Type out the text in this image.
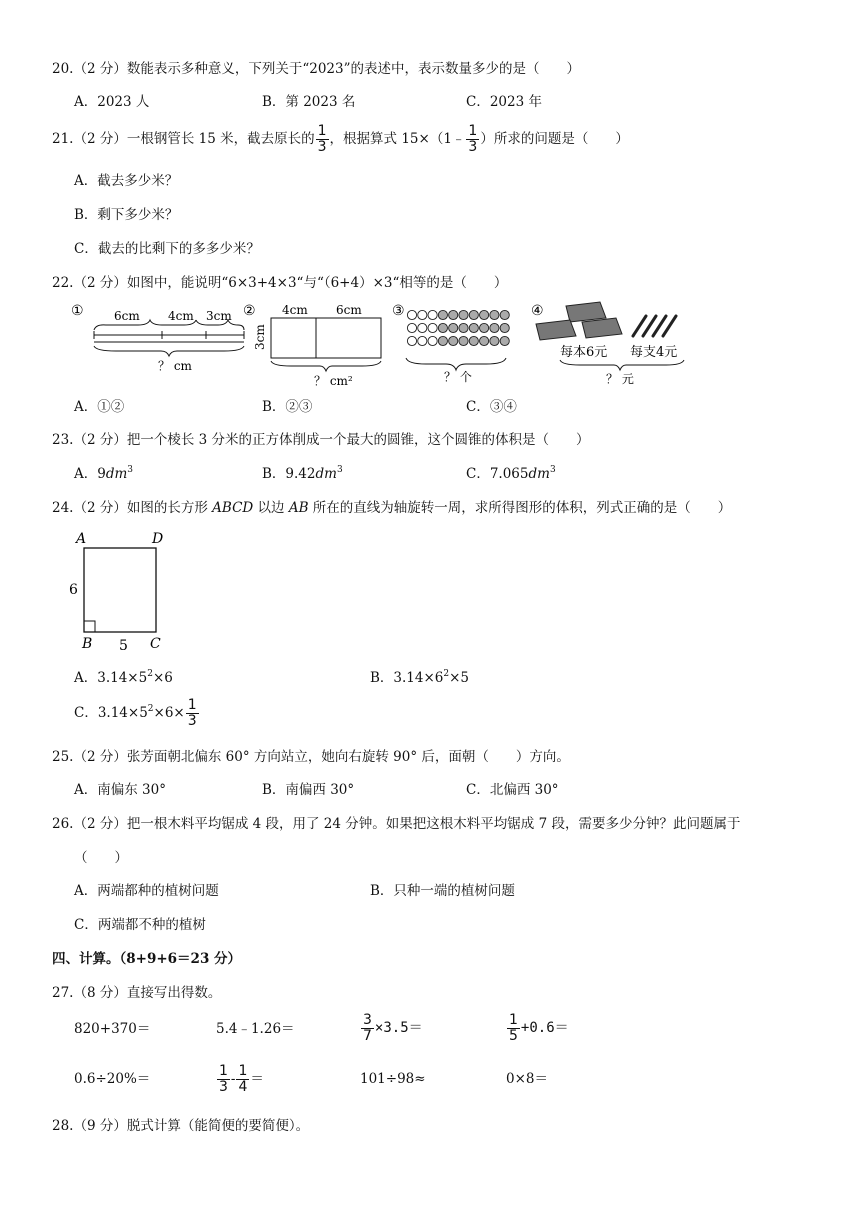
20.（2 分）数能表示多种意义，下列关于“2023”的表述中，表示数量多少的是（　　）
A．2023 人	B．第 2023 名	C．2023 年
21.（2 分）一根钢管长 15 米，截去原长的 $\frac{1}{3}$ ，根据算式 15×（1﹣ $\frac{1}{3}$ ）所求的问题是（　　）
A．截去多少米？
B．剩下多少米？
C．截去的比剩下的多多少米？
22.（2 分）如图中，能说明“6×3+4×3“与“（6+4）×3“相等的是（　　）
①	6cm 4cm 3cm
？ cm
② 4cm 6cm
3cm
？ cm²
③
？ 个
④
每本6元 每支4元
？ 元
A．①②	B．②③	C．③④
23.（2 分）把一个棱长 3 分米的正方体削成一个最大的圆锥，这个圆锥的体积是（　　）
A．$9dm^3$	B．$9.42dm^3$	C．$7.065dm^3$
24.（2 分）如图的长方形 ABCD 以边 AB 所在的直线为轴旋转一周，求所得图形的体积，列式正确的是（　　）
A	D
B	C
6
5
A．$3.14\times 5^2\times 6$	B．$3.14\times 6^2\times 5$
C．$3.14\times 5^2\times 6\times \frac{1}{3}$
25.（2 分）张芳面朝北偏东 60° 方向站立，她向右旋转 90° 后，面朝（　　）方向。
A．南偏东 30°	B．南偏西 30°	C．北偏西 30°
26.（2 分）把一根木料平均锯成 4 段，用了 24 分钟。如果把这根木料平均锯成 7 段，需要多少分钟？此问题属于
（　　）
A．两端都种的植树问题	B．只种一端的植树问题
C．两端都不种的植树
四、计算。（8+9+6＝23 分）
27.（8 分）直接写出得数。
820+370＝	5.4﹣1.26＝	$\frac{3}{7} \times 3.5=$	$\frac{1}{5} +0.6=$
0.6÷20%＝	$\frac{1}{3} - \frac{1}{4}$ ＝	101÷98≈	0×8＝
28.（9 分）脱式计算（能简便的要简便）。
